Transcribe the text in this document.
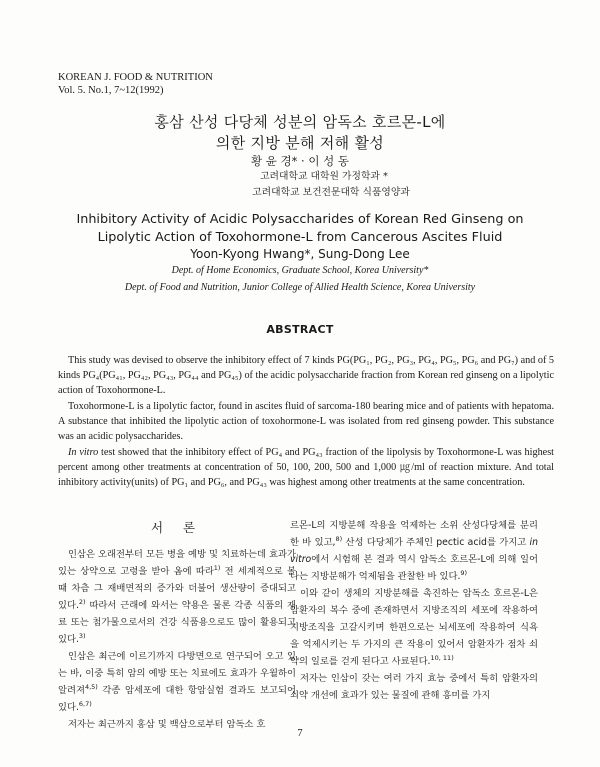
KOREAN J. FOOD & NUTRITION
Vol. 5. No.1, 7~12(1992)
홍삼 산성 다당체 성분의 암독소 호르몬-L에
의한 지방 분해 저해 활성
황 윤 경* · 이 성 동
고려대학교 대학원 가정학과 *
고려대학교 보건전문대학 식품영양과
Inhibitory Activity of Acidic Polysaccharides of Korean Red Ginseng on
Lipolytic Action of Toxohormone-L from Cancerous Ascites Fluid
Yoon-Kyong Hwang*, Sung-Dong Lee
Dept. of Home Economics, Graduate School, Korea University*
Dept. of Food and Nutrition, Junior College of Allied Health Science, Korea University
ABSTRACT

This study was devised to observe the inhibitory effect of 7 kinds PG(PG₁, PG₂, PG₃, PG₄, PG₅, PG₆ and PG₇) and of 5 kinds PG₄(PG₄₁, PG₄₂, PG₄₃, PG₄₄ and PG₄₅) of the acidic polysaccharide fraction from Korean red ginseng on a lipolytic action of Toxohormone-L.

Toxohormone-L is a lipolytic factor, found in ascites fluid of sarcoma-180 bearing mice and of patients with hepatoma. A substance that inhibited the lipolytic action of toxohormone-L was isolated from red ginseng powder. This substance was an acidic polysaccharides.

In vitro test showed that the inhibitory effect of PG₄ and PG₄₃ fraction of the lipolysis by Toxohormone-L was highest percent among other treatments at concentration of 50, 100, 200, 500 and 1,000 ㎍/ml of reaction mixture. And total inhibitory activity(units) of PG₁ and PG₆, and PG₄₃ was highest among other treatments at the same concentration.

서 론

인삼은 오래전부터 모든 병을 예방 및 치료하는데 효과가 있는 상약으로 고령을 받아 옴에 따라$^{1)}$ 전 세계적으로 볼 때 차츰 그 재배면적의 증가와 더불어 생산량이 증대되고 있다.$^{2)}$ 따라서 근래에 와서는 약용은 물론 각종 식품의 재료 또는 첨가물으로서의 건강 식품용으로도 많이 활용되고 있다.$^{3)}$

인삼은 최근에 이르기까지 다방면으로 연구되어 오고 있는 바, 이중 특히 암의 예방 또는 치료에도 효과가 우월하이 알려져$^{4,5)}$ 각종 암세포에 대한 항암실험 결과도 보고되어 있다.$^{6,7)}$

저자는 최근까지 홍삼 및 백삼으로부터 암독소 호

르몬-L의 지방분해 작용을 억제하는 소위 산성다당체를 분리한 바 있고,$^{8)}$ 산성 다당체가 주체인 pectic acid를 가지고 in vitro에서 시험해 본 결과 역시 암독소 호르몬-L에 의해 일어나는 지방분해가 억제됨을 관찰한 바 있다.$^{9)}$

이와 같이 생체의 지방분해를 촉진하는 암독소 호르몬-L은 암환자의 복수 중에 존재하면서 지방조직의 세포에 작용하여 지방조직을 고갈시키며 한편으로는 뇌세포에 작용하여 식욕을 억제시키는 두 가지의 큰 작용이 있어서 암환자가 점차 쇠약의 일로를 걷게 된다고 사료된다.$^{10, 11)}$

저자는 인삼이 갖는 여러 가지 효능 중에서 특히 암환자의 쇠약 개선에 효과가 있는 물질에 관해 흥미를 가지

7
